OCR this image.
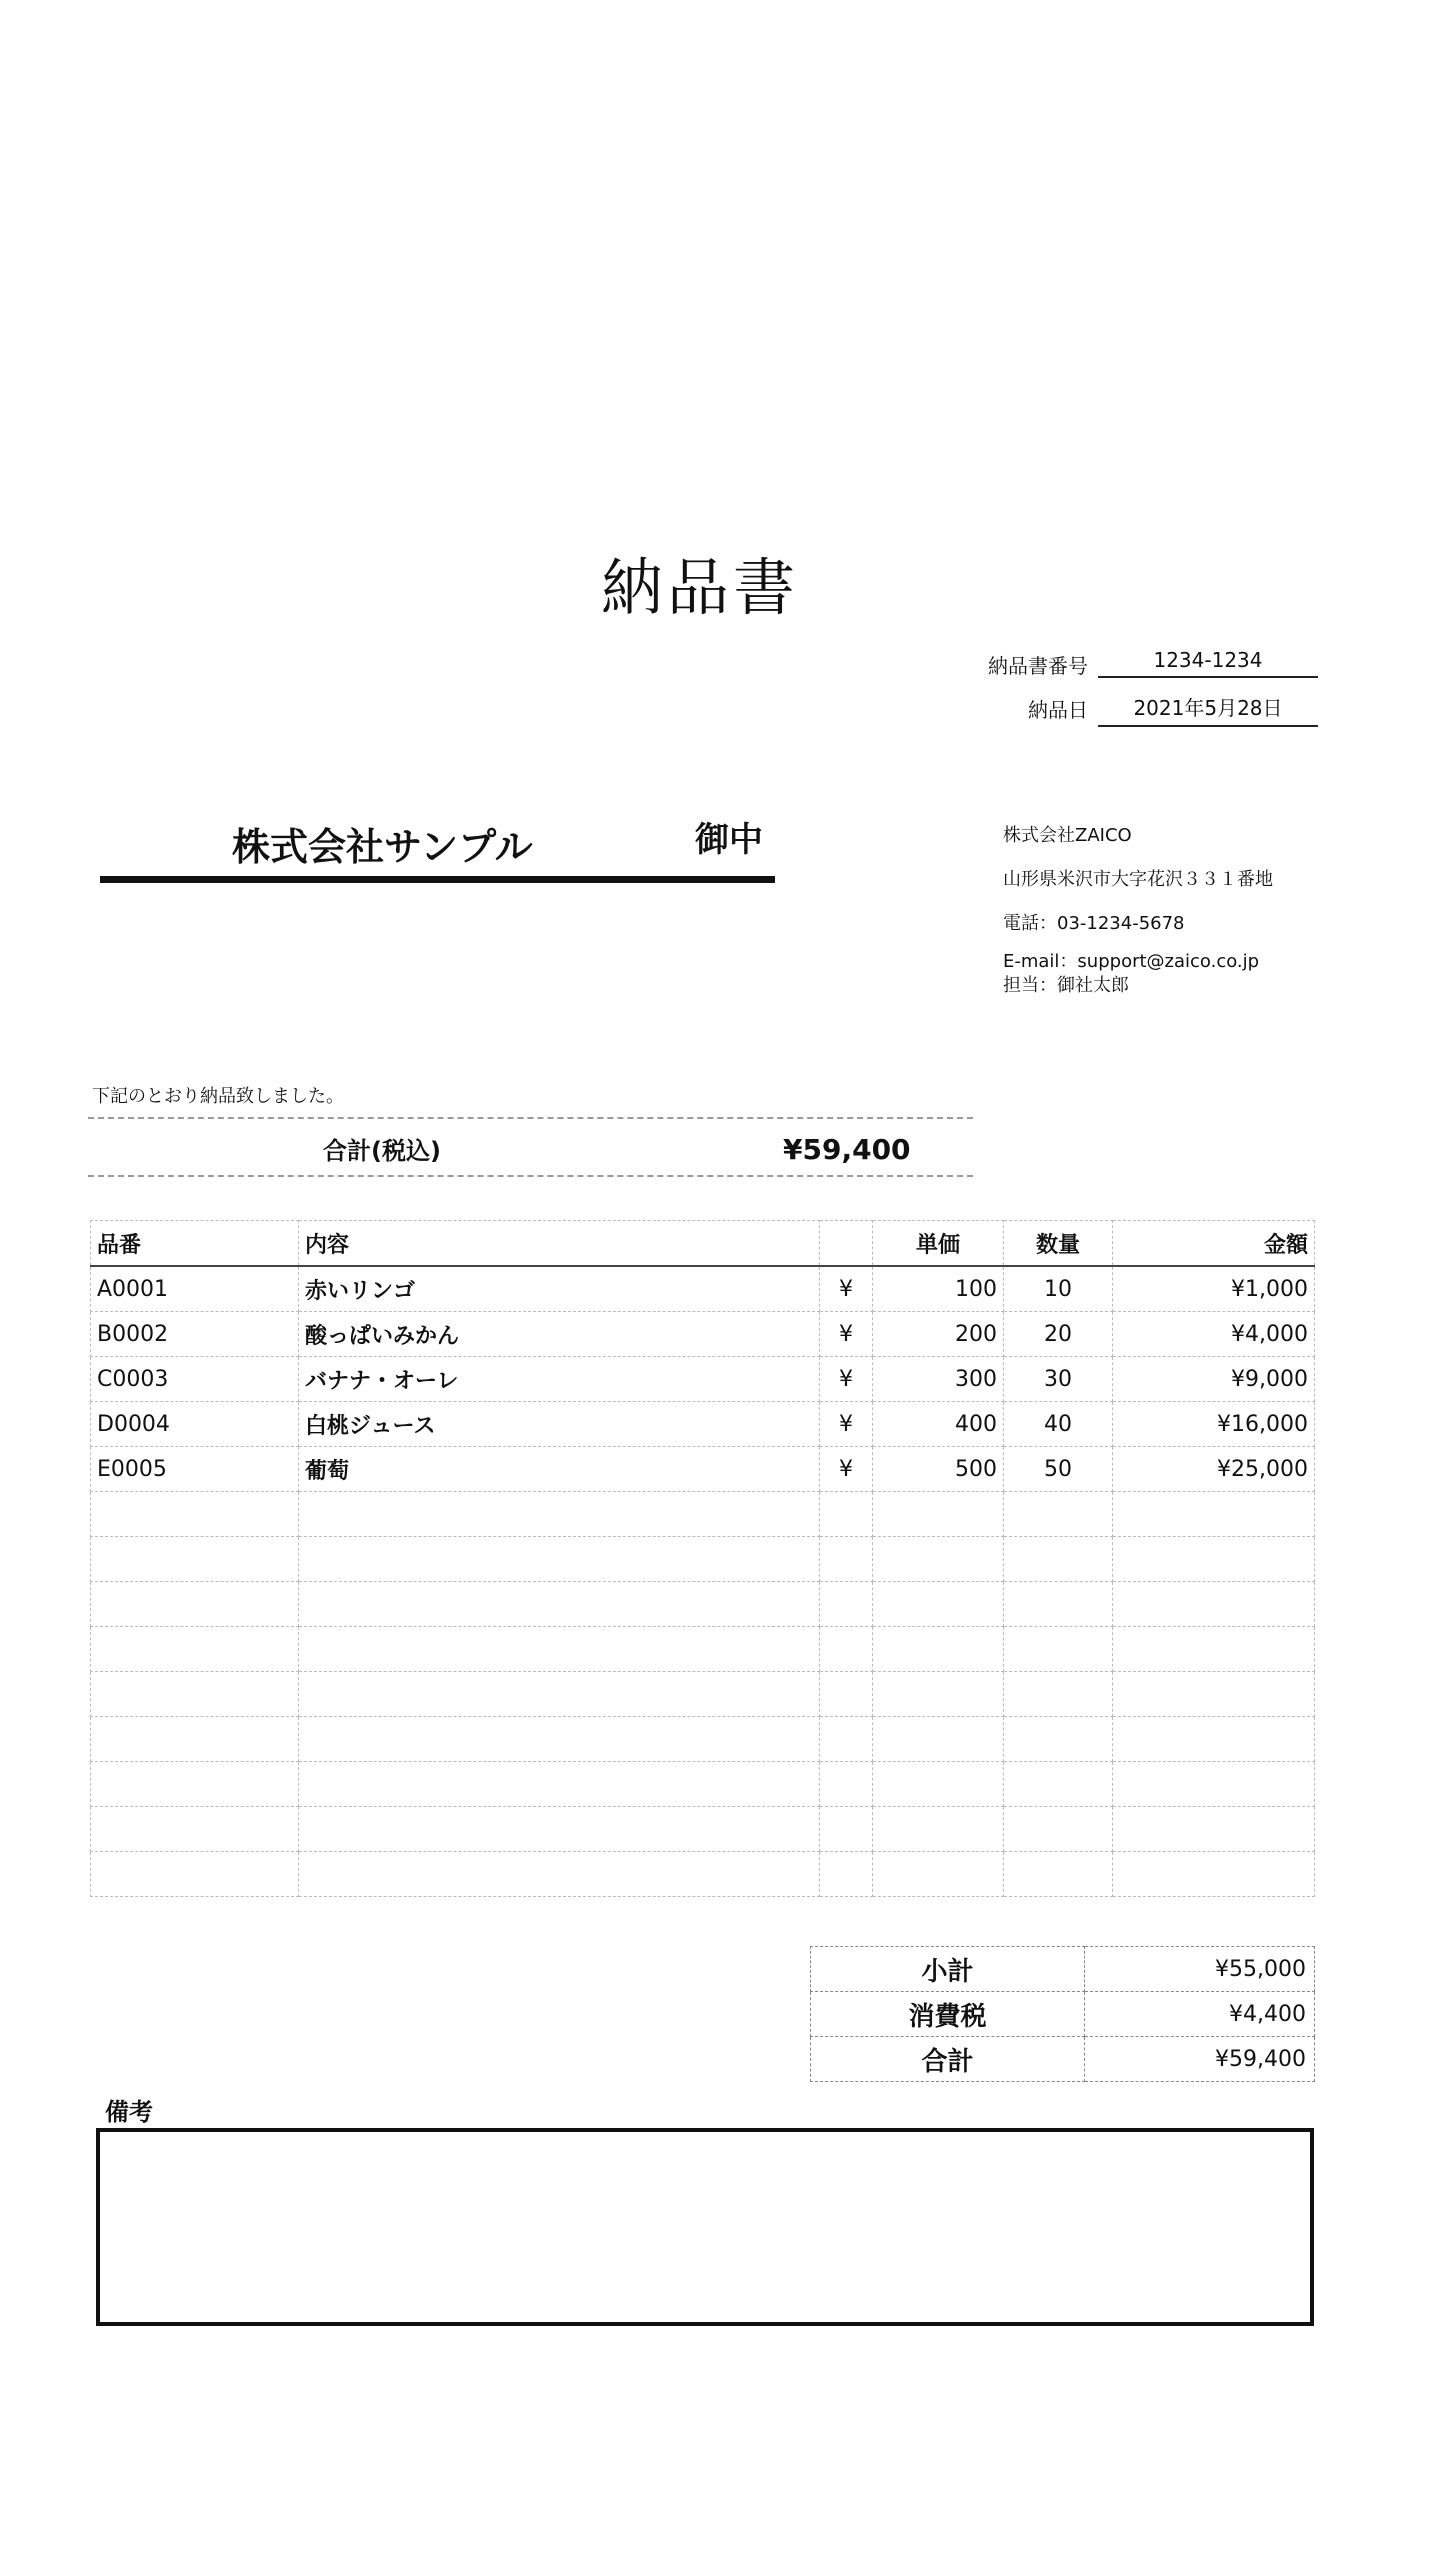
納品書
納品書番号	1234-1234
納品日	2021年5月28日
株式会社サンプル	御中	株式会社ZAICO
山形県米沢市大字花沢３３１番地
電話：03-1234-5678
E-mail：support@zaico.co.jp
担当：御社太郎
下記のとおり納品致しました。
合計(税込)	¥59,400
品番	内容		単価	数量	金額
A0001	赤いリンゴ	¥	100	10	¥1,000
B0002	酸っぱいみかん	¥	200	20	¥4,000
C0003	バナナ・オーレ	¥	300	30	¥9,000
D0004	白桃ジュース	¥	400	40	¥16,000
E0005	葡萄	¥	500	50	¥25,000

小計	¥55,000
消費税	¥4,400
合計	¥59,400
備考
